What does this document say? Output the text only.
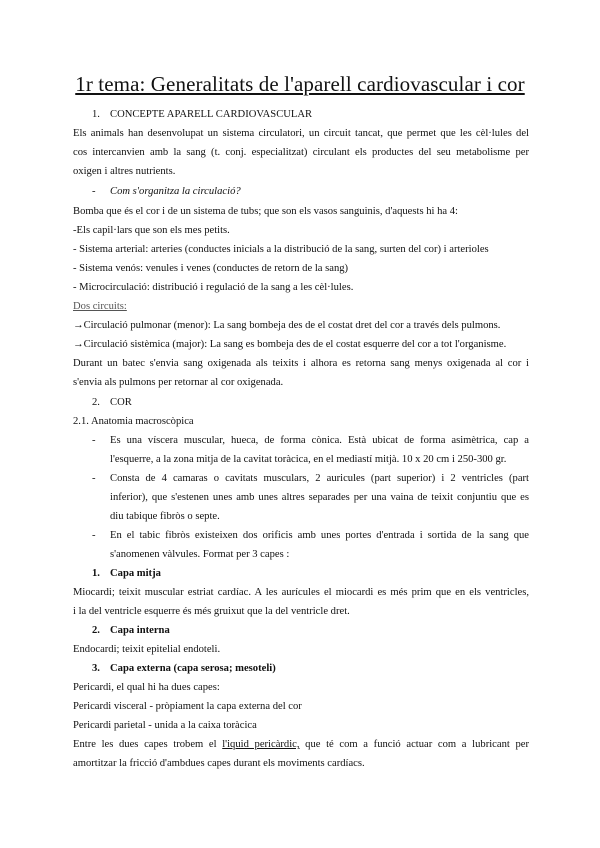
1r tema: Generalitats de l'aparell cardiovascular i cor
1. CONCEPTE APARELL CARDIOVASCULAR
Els animals han desenvolupat un sistema circulatori, un circuit tancat, que permet que les cèl·lules del
cos intercanvien amb la sang (t. conj. especialitzat) circulant els productes del seu metabolisme per
oxigen i altres nutrients.
- Com s'organitza la circulació?
Bomba que és el cor i de un sistema de tubs; que son els vasos sanguinis, d'aquests hi ha 4:
-Els capil·lars que son els mes petits.
- Sistema arterial: arteries (conductes inicials a la distribució de la sang, surten del cor) i arterioles
- Sistema venós: venules i venes (conductes de retorn de la sang)
- Microcirculació: distribució i regulació de la sang a les cèl·lules.
Dos circuits:
→Circulació pulmonar (menor): La sang bombeja des de el costat dret del cor a través dels pulmons.
→Circulació sistèmica (major): La sang es bombeja des de el costat esquerre del cor a tot l'organisme.
Durant un batec s'envia sang oxigenada als teixits i alhora es retorna sang menys oxigenada al cor i
s'envia als pulmons per retornar al cor oxigenada.
2. COR
2.1. Anatomia macroscòpica
- Es una víscera muscular, hueca, de forma cònica. Està ubicat de forma asimètrica, cap a
l'esquerre, a la zona mitja de la cavitat toràcica, en el mediastí mitjà. 10 x 20 cm i 250-300 gr.
- Consta de 4 camaras o cavitats musculars, 2 auricules (part superior) i 2 ventricles (part
inferior), que s'estenen unes amb unes altres separades per una vaina de teixit conjuntiu que es
diu tabique fibròs o septe.
- En el tabic fibròs existeixen dos orificis amb unes portes d'entrada i sortida de la sang que
s'anomenen vàlvules. Format per 3 capes :
1. Capa mitja
Miocardi; teixit muscular estriat cardíac. A les aurícules el miocardi es més prim que en els ventricles,
i la del ventricle esquerre és més gruixut que la del ventricle dret.
2. Capa interna
Endocardi; teixit epitelial endoteli.
3. Capa externa (capa serosa; mesoteli)
Pericardi, el qual hi ha dues capes:
Pericardi visceral - pròpiament la capa externa del cor
Pericardi parietal - unida a la caixa toràcica
Entre les dues capes trobem el l'iquid pericàrdic, que té com a funció actuar com a lubricant per
amortitzar la fricció d'ambdues capes durant els moviments cardíacs.
